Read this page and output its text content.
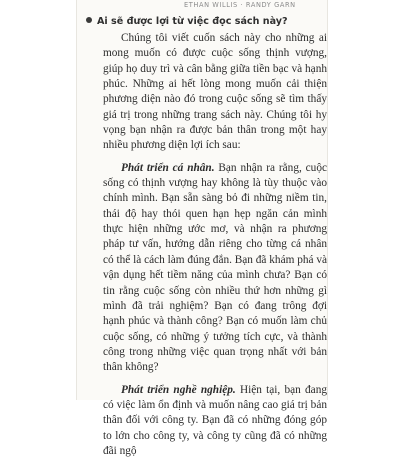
ETHAN WILLIS · RANDY GARN
Ai sẽ được lợi từ việc đọc sách này?

Chúng tôi viết cuốn sách này cho những ai mong muốn có được cuộc sống thịnh vượng, giúp họ duy trì và cân bằng giữa tiền bạc và hạnh phúc. Những ai hết lòng mong muốn cải thiện phương diện nào đó trong cuộc sống sẽ tìm thấy giá trị trong những trang sách này. Chúng tôi hy vọng bạn nhận ra được bản thân trong một hay nhiều phương diện lợi ích sau:

Phát triển cá nhân. Bạn nhận ra rằng, cuộc sống có thịnh vượng hay không là tùy thuộc vào chính mình. Bạn sẵn sàng bỏ đi những niềm tin, thái độ hay thói quen hạn hẹp ngăn cản mình thực hiện những ước mơ, và nhận ra phương pháp tư vấn, hướng dẫn riêng cho từng cá nhân có thể là cách làm đúng đắn. Bạn đã khám phá và vận dụng hết tiềm năng của mình chưa? Bạn có tin rằng cuộc sống còn nhiều thứ hơn những gì mình đã trải nghiệm? Bạn có đang trông đợi hạnh phúc và thành công? Bạn có muốn làm chủ cuộc sống, có những ý tưởng tích cực, và thành công trong những việc quan trọng nhất với bản thân không?

Phát triển nghề nghiệp. Hiện tại, bạn đang có việc làm ổn định và muốn nâng cao giá trị bản thân đối với công ty. Bạn đã có những đóng góp to lớn cho công ty, và công ty cũng đã có những đãi ngộ
